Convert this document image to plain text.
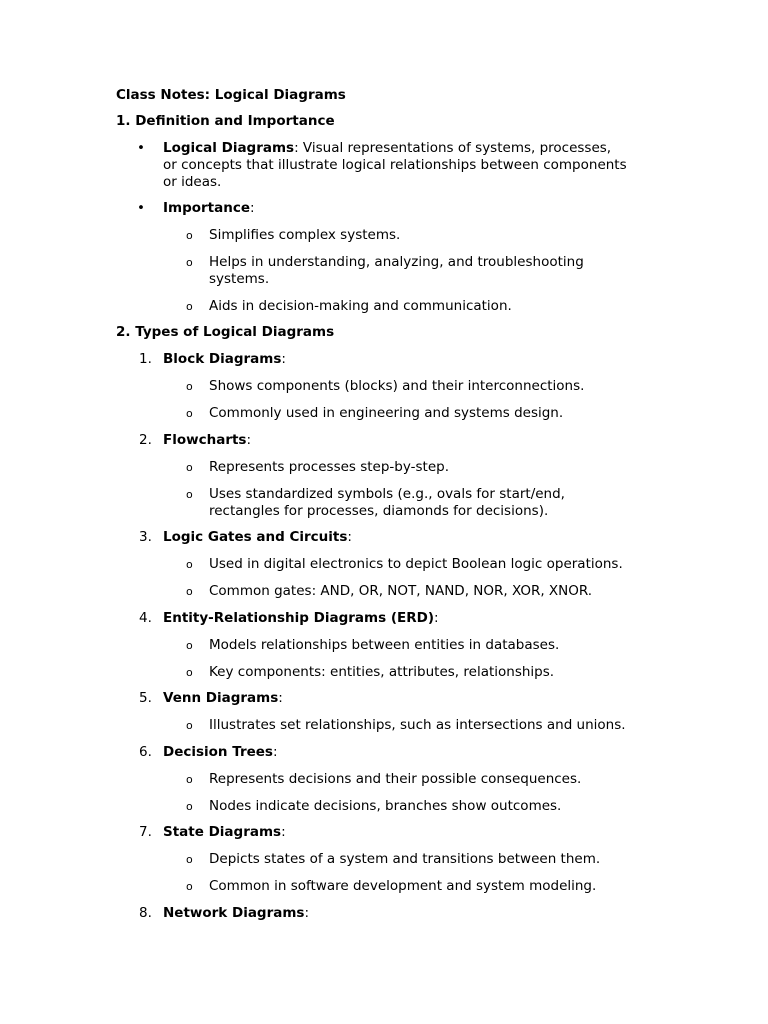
Class Notes: Logical Diagrams
1. Definition and Importance
• Logical Diagrams: Visual representations of systems, processes,
or concepts that illustrate logical relationships between components
or ideas.
• Importance:
o Simplifies complex systems.
o Helps in understanding, analyzing, and troubleshooting
systems.
o Aids in decision-making and communication.
2. Types of Logical Diagrams
1. Block Diagrams:
o Shows components (blocks) and their interconnections.
o Commonly used in engineering and systems design.
2. Flowcharts:
o Represents processes step-by-step.
o Uses standardized symbols (e.g., ovals for start/end,
rectangles for processes, diamonds for decisions).
3. Logic Gates and Circuits:
o Used in digital electronics to depict Boolean logic operations.
o Common gates: AND, OR, NOT, NAND, NOR, XOR, XNOR.
4. Entity-Relationship Diagrams (ERD):
o Models relationships between entities in databases.
o Key components: entities, attributes, relationships.
5. Venn Diagrams:
o Illustrates set relationships, such as intersections and unions.
6. Decision Trees:
o Represents decisions and their possible consequences.
o Nodes indicate decisions, branches show outcomes.
7. State Diagrams:
o Depicts states of a system and transitions between them.
o Common in software development and system modeling.
8. Network Diagrams:
